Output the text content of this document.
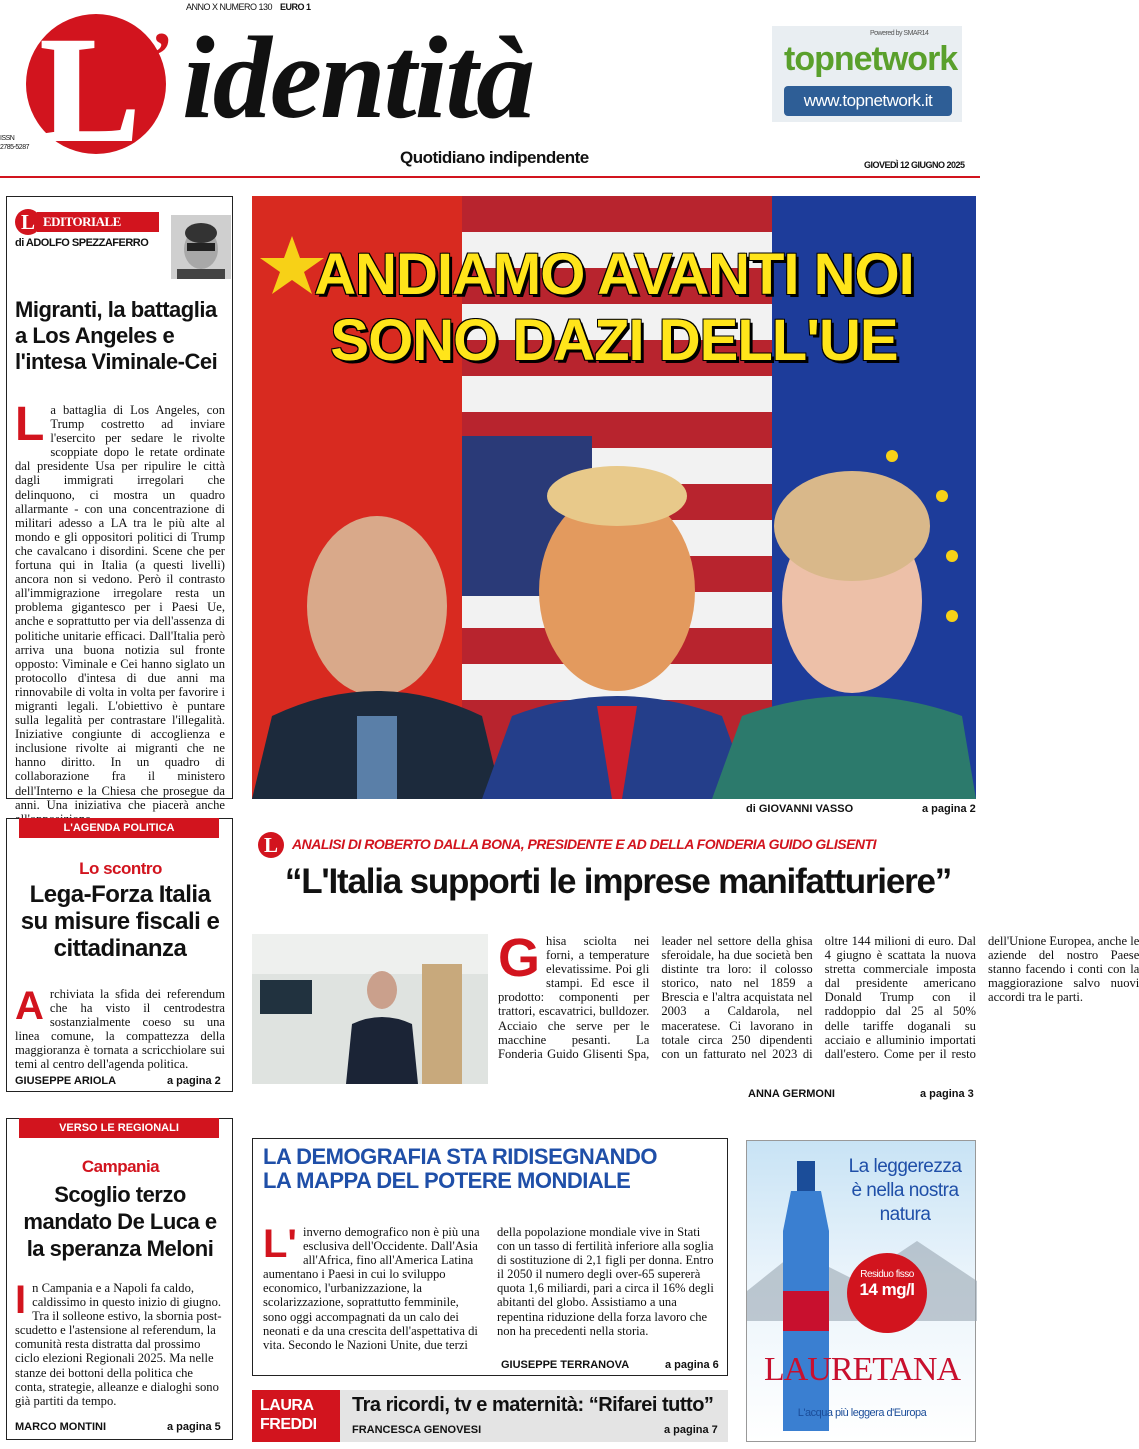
ANNO X NUMERO 130 EURO 1
L ’ identità
ISSN
2785-5287
Quotidiano indipendente	GIOVEDÌ 12 GIUGNO 2025
Powered by SMAR14
topnetwork
www.topnetwork.it
L EDITORIALE
di ADOLFO SPEZZAFERRO
Migranti, la battaglia a Los Angeles e l'intesa Viminale-Cei
La battaglia di Los Angeles, con Trump costretto ad inviare l'esercito per sedare le rivolte scoppiate dopo le retate ordinate dal presidente Usa per ripulire le città dagli immigrati irregolari che delinquono, ci mostra un quadro allarmante - con una concentrazione di militari adesso a LA tra le più alte al mondo e gli oppositori politici di Trump che cavalcano i disordini. Scene che per fortuna qui in Italia (a questi livelli) ancora non si vedono. Però il contrasto all'immigrazione irregolare resta un problema gigantesco per i Paesi Ue, anche e soprattutto per via dell'assenza di politiche unitarie efficaci. Dall'Italia però arriva una buona notizia sul fronte opposto: Viminale e Cei hanno siglato un protocollo d'intesa di due anni ma rinnovabile di volta in volta per favorire i migranti legali. L'obiettivo è puntare sulla legalità per contrastare l'illegalità. Iniziative congiunte di accoglienza e inclusione rivolte ai migranti che ne hanno diritto. In un quadro di collaborazione fra il ministero dell'Interno e la Chiesa che prosegue da anni. Una iniziativa che piacerà anche
ANDIAMO AVANTI NOI
SONO DAZI DELL'UE
di GIOVANNI VASSO	a pagina 2
L'AGENDA POLITICA
Lo scontro
Lega-Forza Italia su misure fiscali e cittadinanza
Archiviata la sfida dei referendum che ha visto il centrodestra sostanzialmente coeso su una linea comune, la compattezza della maggioranza è tornata a scricchiolare sui temi al centro dell'agenda politica.
GIUSEPPE ARIOLA	a pagina 2
VERSO LE REGIONALI
Campania
Scoglio terzo mandato De Luca e la speranza Meloni
In Campania e a Napoli fa caldo, caldissimo in questo inizio di giugno. Tra il solleone estivo, la sbornia post-scudetto e l'astensione al referendum, la comunità resta distratta dal prossimo ciclo elezioni Regionali 2025. Ma nelle stanze dei bottoni della politica che conta, strategie, alleanze e dialoghi sono già partiti da tempo.
MARCO MONTINI	a pagina 5
L	ANALISI DI ROBERTO DALLA BONA, PRESIDENTE E AD DELLA FONDERIA GUIDO GLISENTI
“L'Italia supporti le imprese manifatturiere”
Ghisa sciolta nei forni, a temperature elevatissime. Poi gli stampi. Ed esce il prodotto: componenti per trattori, escavatrici, bulldozer. Acciaio che serve per le macchine pesanti. La Fonderia Guido Glisenti Spa, leader nel settore della ghisa sferoidale, ha due società ben distinte tra loro: il colosso storico, nato nel 1859 a Brescia e l'altra acquistata nel 2003 a Caldarola, nel maceratese. Ci lavorano in totale circa 250 dipendenti con un fatturato nel 2023 di oltre 144 milioni di euro. Dal 4 giugno è scattata la nuova stretta commerciale imposta dal presidente americano Donald Trump con il raddoppio dal 25 al 50% delle tariffe doganali su acciaio e alluminio importati dall'estero. Come per il resto dell'Unione Europea, anche le aziende del nostro Paese stanno facendo i conti con la maggiorazione salvo nuovi accordi tra le parti.
ANNA GERMONI	a pagina 3
LA DEMOGRAFIA STA RIDISEGNANDO
LA MAPPA DEL POTERE MONDIALE
L' inverno demografico non è più una esclusiva dell'Occidente. Dall'Asia all'Africa, fino all'America Latina aumentano i Paesi in cui lo sviluppo economico, l'urbanizzazione, la scolarizzazione, soprattutto femminile, sono oggi accompagnati da un calo dei neonati e da una crescita dell'aspettativa di vita. Secondo le Nazioni Unite, due terzi della popolazione mondiale vive in Stati con un tasso di fertilità inferiore alla soglia di sostituzione di 2,1 figli per donna. Entro il 2050 il numero degli over-65 supererà quota 1,6 miliardi, pari a circa il 16% degli abitanti del globo. Assistiamo a una repentina riduzione della forza lavoro che non ha precedenti nella storia.
GIUSEPPE TERRANOVA	a pagina 6
LAURA
FREDDI
Tra ricordi, tv e maternità: “Rifarei tutto”
FRANCESCA GENOVESI	a pagina 7
La leggerezza
è nella nostra
natura
Residuo fisso
14 mg/l
LAURETANA
L'acqua più leggera d'Europa
